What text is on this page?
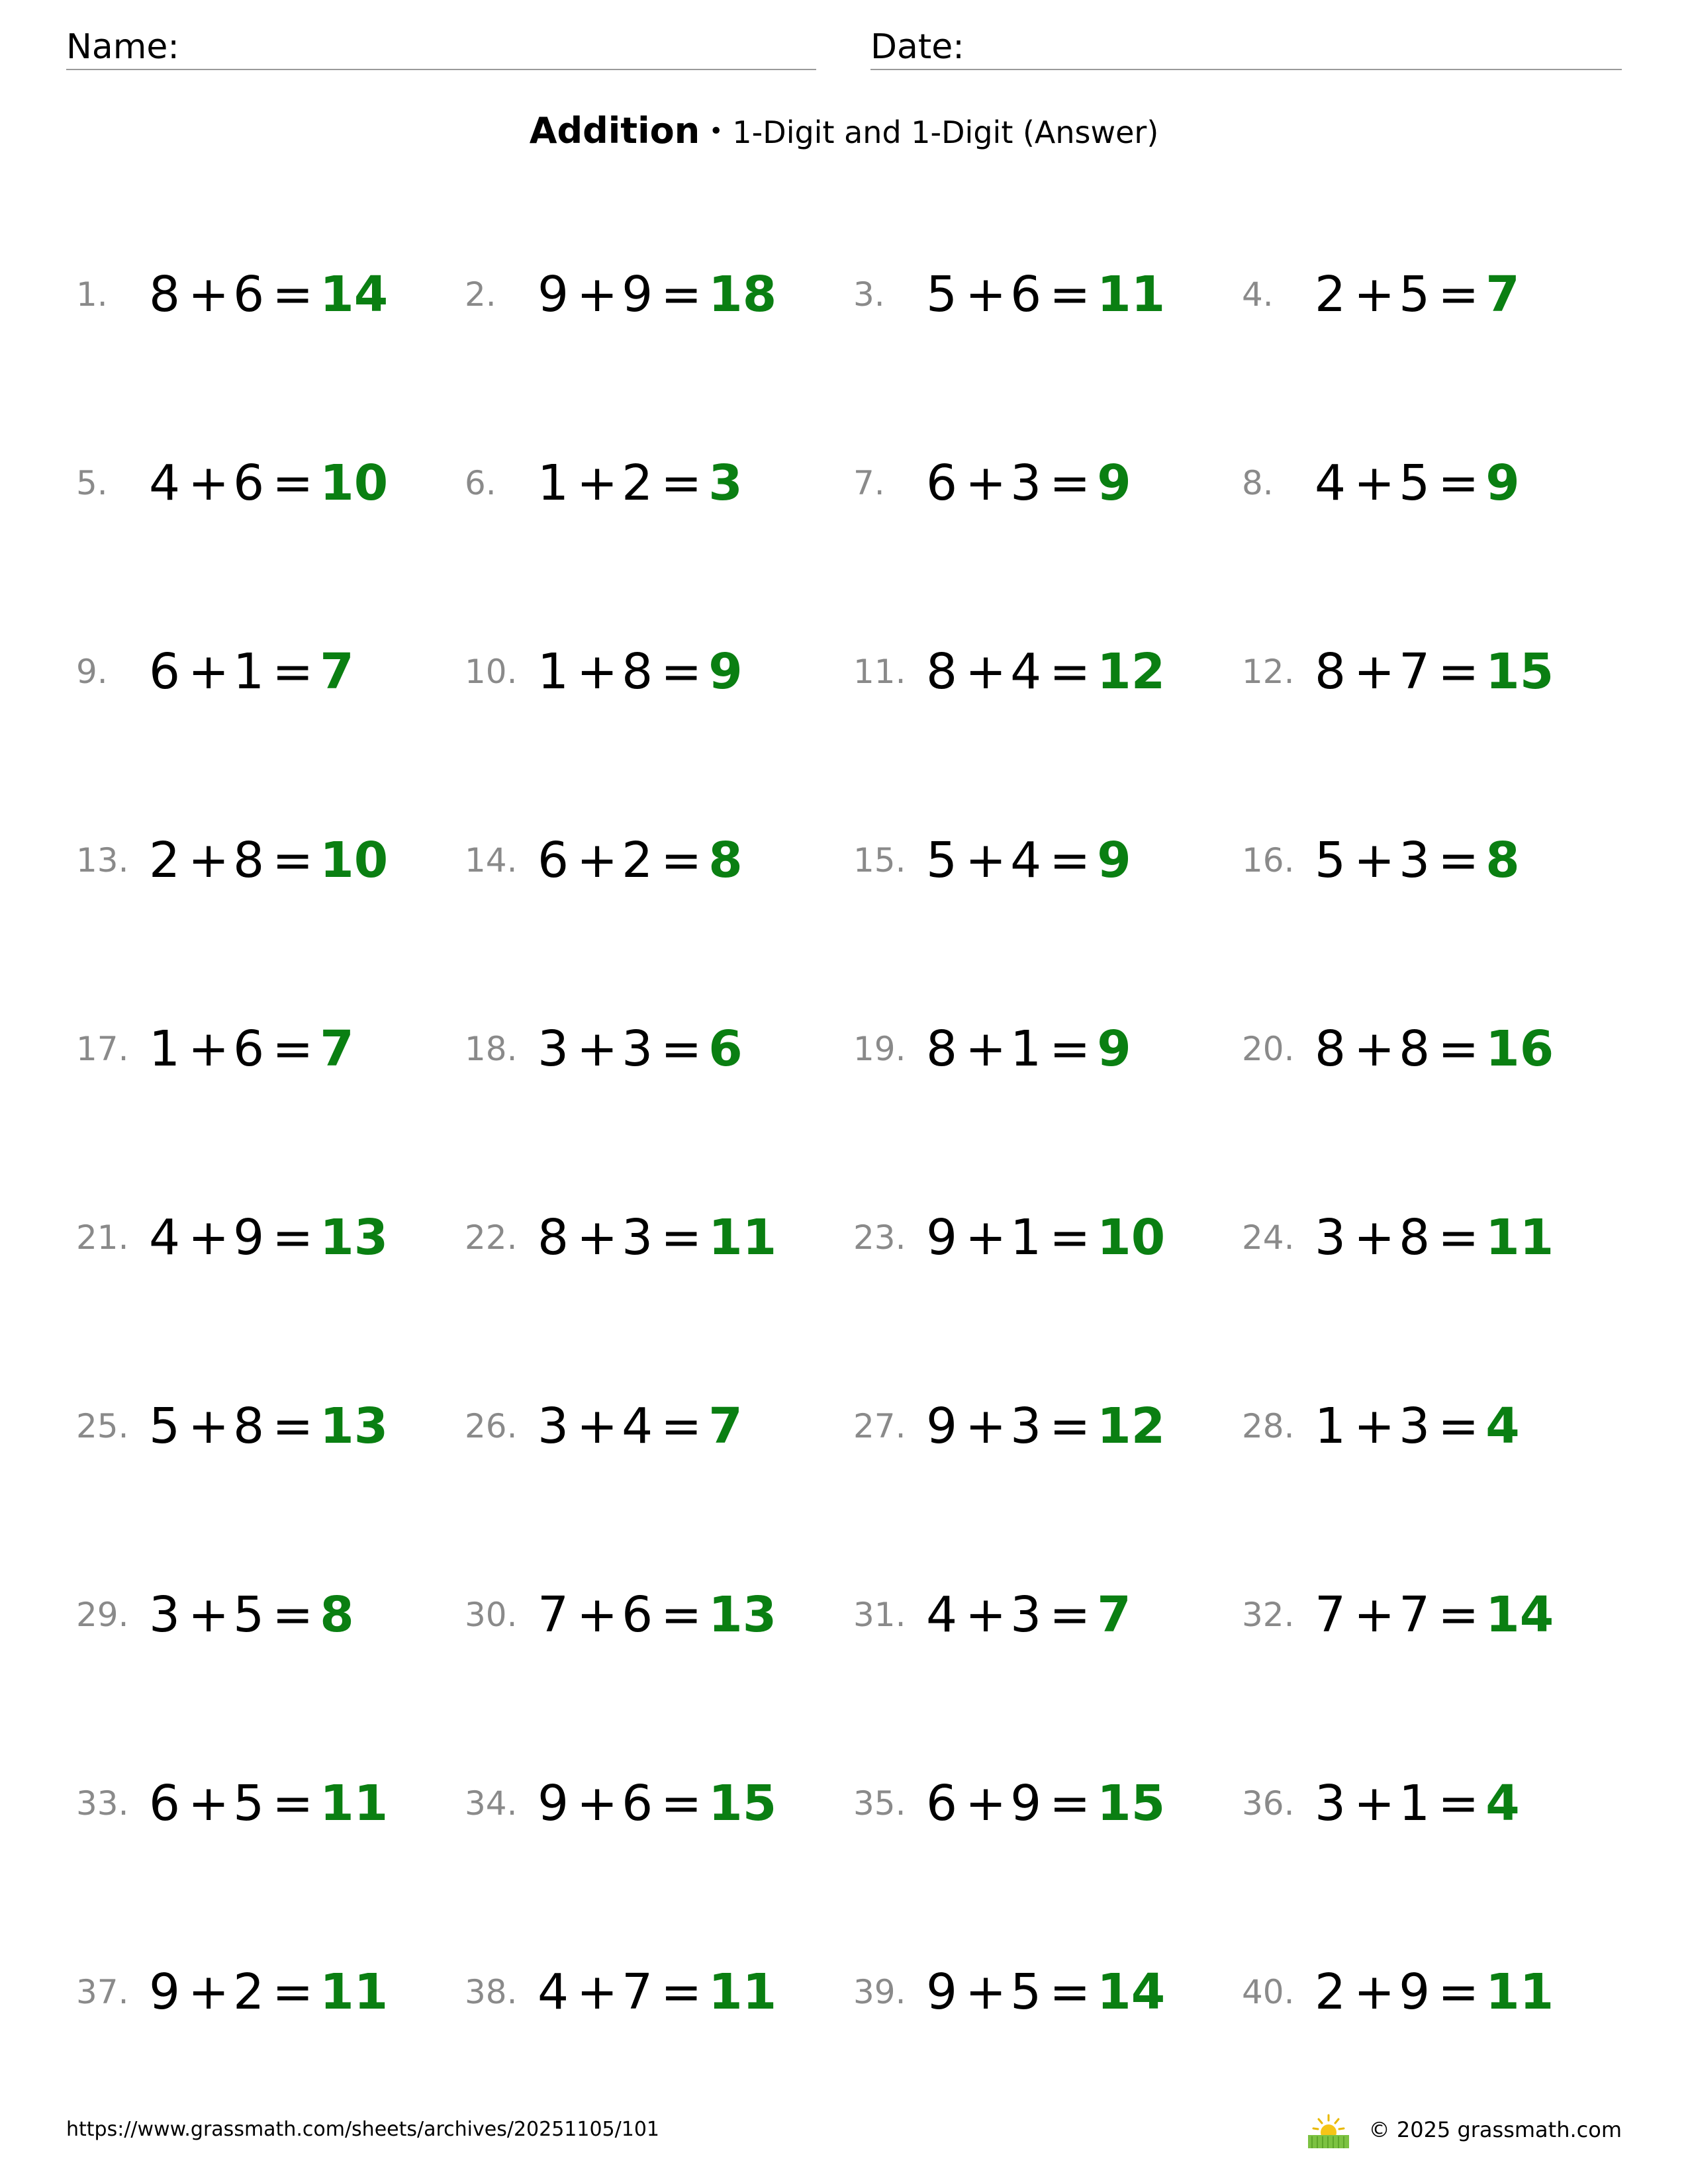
Name:	Date:
Addition • 1-Digit and 1-Digit (Answer)
1. 8 +6 = 14 2. 9 +9 = 18 3. 5 +6 = 11 4. 2 +5 = 7
5. 4 +6 = 10 6. 1 +2 = 3	7. 6 +3 = 9	8. 4 +5 = 9
9. 6 +1 = 7	10. 1 +8 = 9	11. 8 +4 = 12 12. 8 +7 = 15
13. 2 +8 = 10 14. 6 +2 = 8	15. 5 +4 = 9	16. 5 +3 = 8
17. 1 +6 = 7	18. 3 +3 = 6	19. 8 +1 = 9	20. 8 +8 = 16
21. 4 +9 = 13 22. 8 +3 = 11 23. 9 +1 = 10 24. 3 +8 = 11
25. 5 +8 = 13 26. 3 +4 = 7	27. 9 +3 = 12 28. 1 +3 = 4
29. 3 +5 = 8	30. 7 +6 = 13 31. 4 +3 = 7	32. 7 +7 = 14
33. 6 +5 = 11 34. 9 +6 = 15 35. 6 +9 = 15 36. 3 +1 = 4
37. 9 +2 = 11 38. 4 +7 = 11 39. 9 +5 = 14 40. 2 +9 = 11
https://www.grassmath.com/sheets/archives/20251105/101	© 2025 grassmath.com
